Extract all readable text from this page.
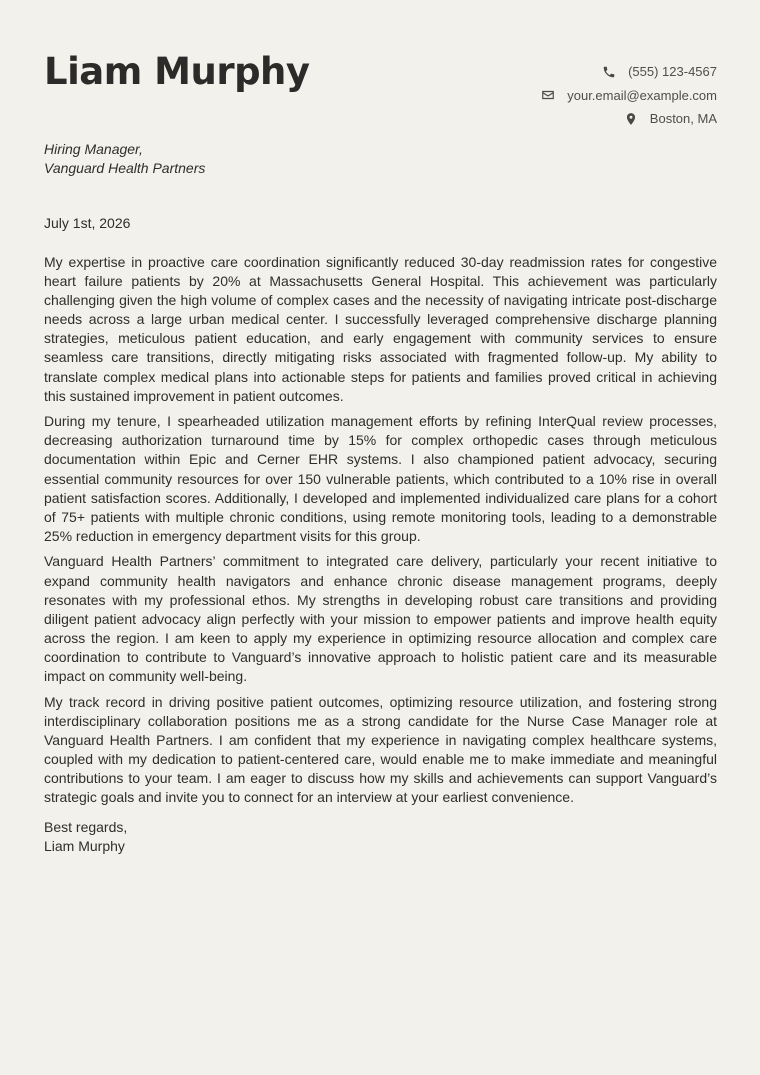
Liam Murphy	(555) 123-4567
your.email@example.com
Boston, MA
Hiring Manager,
Vanguard Health Partners
July 1st, 2026

My expertise in proactive care coordination significantly reduced 30-day readmission rates for congestive heart failure patients by 20% at Massachusetts General Hospital. This achievement was particularly challenging given the high volume of complex cases and the necessity of navigating intricate post-discharge needs across a large urban medical center. I successfully leveraged comprehensive discharge planning strategies, meticulous patient education, and early engagement with community services to ensure seamless care transitions, directly mitigating risks associated with fragmented follow-up. My ability to translate complex medical plans into actionable steps for patients and families proved critical in achieving this sustained improvement in patient outcomes.

During my tenure, I spearheaded utilization management efforts by refining InterQual review processes, decreasing authorization turnaround time by 15% for complex orthopedic cases through meticulous documentation within Epic and Cerner EHR systems. I also championed patient advocacy, securing essential community resources for over 150 vulnerable patients, which contributed to a 10% rise in overall patient satisfaction scores. Additionally, I developed and implemented individualized care plans for a cohort of 75+ patients with multiple chronic conditions, using remote monitoring tools, leading to a demonstrable 25% reduction in emergency department visits for this group.

Vanguard Health Partners’ commitment to integrated care delivery, particularly your recent initiative to expand community health navigators and enhance chronic disease management programs, deeply resonates with my professional ethos. My strengths in developing robust care transitions and providing diligent patient advocacy align perfectly with your mission to empower patients and improve health equity across the region. I am keen to apply my experience in optimizing resource allocation and complex care coordination to contribute to Vanguard’s innovative approach to holistic patient care and its measurable impact on community well-being.

My track record in driving positive patient outcomes, optimizing resource utilization, and fostering strong interdisciplinary collaboration positions me as a strong candidate for the Nurse Case Manager role at Vanguard Health Partners. I am confident that my experience in navigating complex healthcare systems, coupled with my dedication to patient-centered care, would enable me to make immediate and meaningful contributions to your team. I am eager to discuss how my skills and achievements can support Vanguard’s strategic goals and invite you to connect for an interview at your earliest convenience.

Best regards,
Liam Murphy
